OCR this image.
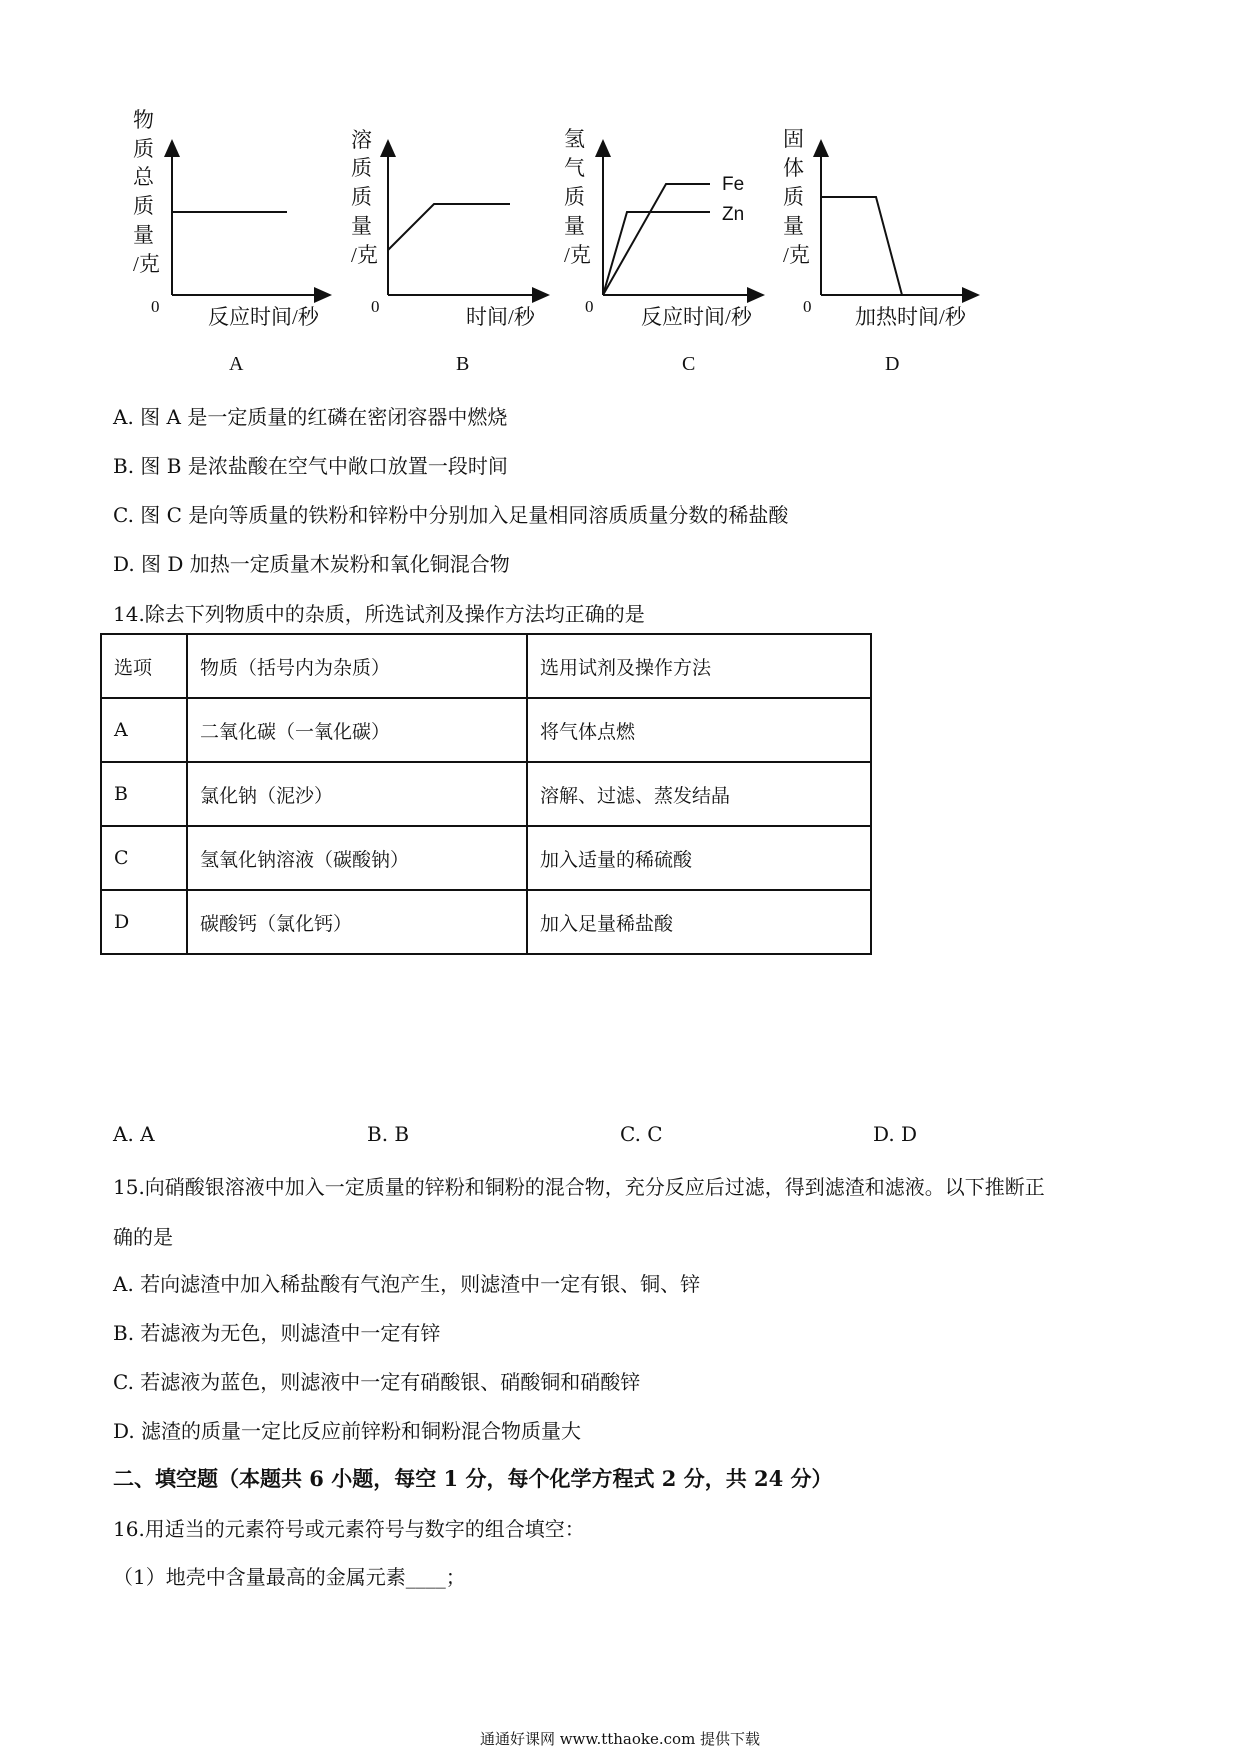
物
质
总
质
量
/克
0 反应时间/秒
A
溶
质
质
量
/克
0	时间/秒
B
氢
气
质
量
/克
Fe
Zn
0 反应时间/秒
C
固
体
质
量
/克
0 加热时间/秒
D
A. 图 A 是一定质量的红磷在密闭容器中燃烧
B. 图 B 是浓盐酸在空气中敞口放置一段时间
C. 图 C 是向等质量的铁粉和锌粉中分别加入足量相同溶质质量分数的稀盐酸
D. 图 D 加热一定质量木炭粉和氧化铜混合物
14.除去下列物质中的杂质，所选试剂及操作方法均正确的是
选项	物质（括号内为杂质）	选用试剂及操作方法
A	二氧化碳（一氧化碳）	将气体点燃
B	氯化钠（泥沙）	溶解、过滤、蒸发结晶
C	氢氧化钠溶液（碳酸钠）	加入适量的稀硫酸
D	碳酸钙（氯化钙）	加入足量稀盐酸
A. A	B. B	C. C	D. D
15.向硝酸银溶液中加入一定质量的锌粉和铜粉的混合物，充分反应后过滤，得到滤渣和滤液。以下推断正
确的是
A. 若向滤渣中加入稀盐酸有气泡产生，则滤渣中一定有银、铜、锌
B. 若滤液为无色，则滤渣中一定有锌
C. 若滤液为蓝色，则滤液中一定有硝酸银、硝酸铜和硝酸锌
D. 滤渣的质量一定比反应前锌粉和铜粉混合物质量大
二、填空题（本题共 6 小题，每空 1 分，每个化学方程式 2 分，共 24 分）
16.用适当的元素符号或元素符号与数字的组合填空：
（1）地壳中含量最高的金属元素____；
通通好课网 www.tthaoke.com 提供下载
